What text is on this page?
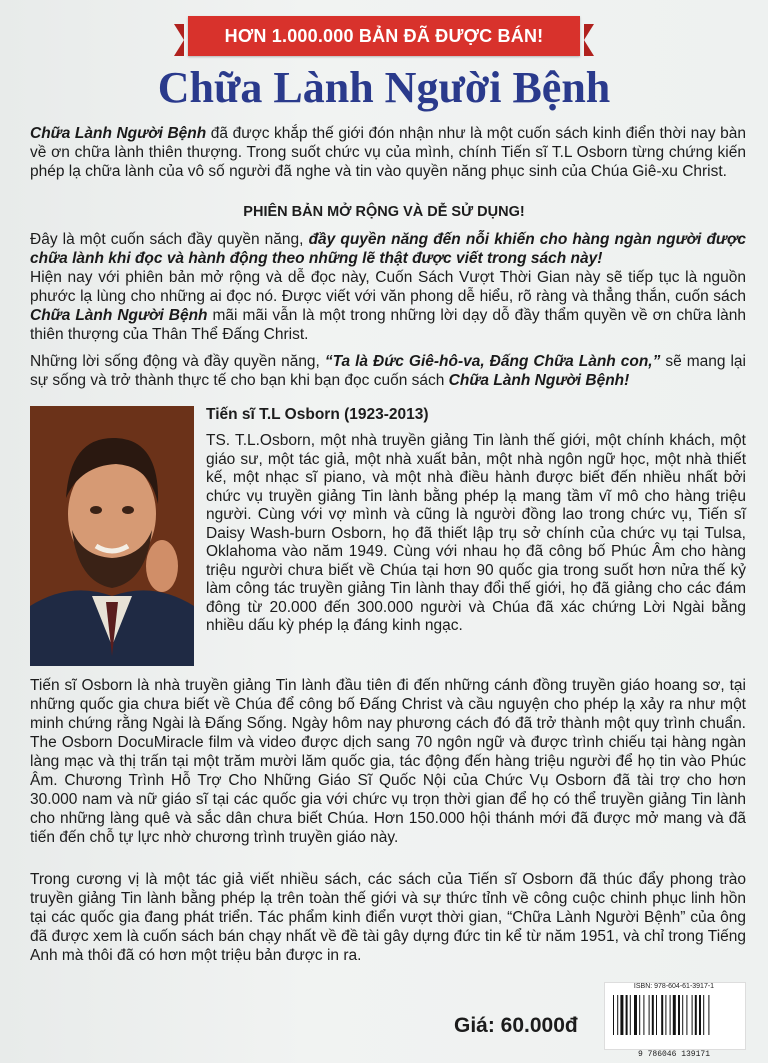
HƠN 1.000.000 BẢN ĐÃ ĐƯỢC BÁN!
Chữa Lành Người Bệnh

Chữa Lành Người Bệnh đã được khắp thế giới đón nhận như là một cuốn sách kinh điển thời nay bàn về ơn chữa lành thiên thượng. Trong suốt chức vụ của mình, chính Tiến sĩ T.L Osborn từng chứng kiến phép lạ chữa lành của vô số người đã nghe và tin vào quyền năng phục sinh của Chúa Giê-xu Christ.

PHIÊN BẢN MỞ RỘNG VÀ DỄ SỬ DỤNG!

Đây là một cuốn sách đầy quyền năng, đầy quyền năng đến nỗi khiến cho hàng ngàn người được chữa lành khi đọc và hành động theo những lẽ thật được viết trong sách này!

Hiện nay với phiên bản mở rộng và dễ đọc này, Cuốn Sách Vượt Thời Gian này sẽ tiếp tục là nguồn phước lạ lùng cho những ai đọc nó. Được viết với văn phong dễ hiểu, rõ ràng và thẳng thắn, cuốn sách Chữa Lành Người Bệnh mãi mãi vẫn là một trong những lời dạy dỗ đầy thẩm quyền về ơn chữa lành thiên thượng của Thân Thể Đấng Christ.

Những lời sống động và đầy quyền năng, “Ta là Đức Giê-hô-va, Đấng Chữa Lành con,” sẽ mang lại sự sống và trở thành thực tế cho bạn khi bạn đọc cuốn sách Chữa Lành Người Bệnh!

Tiến sĩ T.L Osborn (1923-2013)

TS. T.L.Osborn, một nhà truyền giảng Tin lành thế giới, một chính khách, một giáo sư, một tác giả, một nhà xuất bản, một nhà ngôn ngữ học, một nhà thiết kế, một nhạc sĩ piano, và một nhà điều hành được biết đến nhiều nhất bởi chức vụ truyền giảng Tin lành bằng phép lạ mang tầm vĩ mô cho hàng triệu người. Cùng với vợ mình và cũng là người đồng lao trong chức vụ, Tiến sĩ Daisy Wash-burn Osborn, họ đã thiết lập trụ sở chính của chức vụ tại Tulsa, Oklahoma vào năm 1949. Cùng với nhau họ đã công bố Phúc Âm cho hàng triệu người chưa biết về Chúa tại hơn 90 quốc gia trong suốt hơn nửa thế kỷ làm công tác truyền giảng Tin lành thay đổi thế giới, họ đã giảng cho các đám đông từ 20.000 đến 300.000 người và Chúa đã xác chứng Lời Ngài bằng nhiều dấu kỳ phép lạ đáng kinh ngạc.

Tiến sĩ Osborn là nhà truyền giảng Tin lành đầu tiên đi đến những cánh đồng truyền giáo hoang sơ, tại những quốc gia chưa biết về Chúa để công bố Đấng Christ và cầu nguyện cho phép lạ xảy ra như một minh chứng rằng Ngài là Đấng Sống. Ngày hôm nay phương cách đó đã trở thành một quy trình chuẩn. The Osborn DocuMiracle film và video được dịch sang 70 ngôn ngữ và được trình chiếu tại hàng ngàn làng mạc và thị trấn tại một trăm mười lăm quốc gia, tác động đến hàng triệu người để họ tin vào Phúc Âm. Chương Trình Hỗ Trợ Cho Những Giáo Sĩ Quốc Nội của Chức Vụ Osborn đã tài trợ cho hơn 30.000 nam và nữ giáo sĩ tại các quốc gia với chức vụ trọn thời gian để họ có thể truyền giảng Tin lành cho những làng quê và sắc dân chưa biết Chúa. Hơn 150.000 hội thánh mới đã được mở mang và đã tiến đến chỗ tự lực nhờ chương trình truyền giáo này.

Trong cương vị là một tác giả viết nhiều sách, các sách của Tiến sĩ Osborn đã thúc đẩy phong trào truyền giảng Tin lành bằng phép lạ trên toàn thế giới và sự thức tỉnh về công cuộc chinh phục linh hồn tại các quốc gia đang phát triển. Tác phẩm kinh điển vượt thời gian, “Chữa Lành Người Bệnh” của ông đã được xem là cuốn sách bán chạy nhất về đề tài gây dựng đức tin kể từ năm 1951, và chỉ trong Tiếng Anh mà thôi đã có hơn một triệu bản được in ra.

ISBN: 978-604-61-3917-1
9 786046 139171
Giá: 60.000đ
